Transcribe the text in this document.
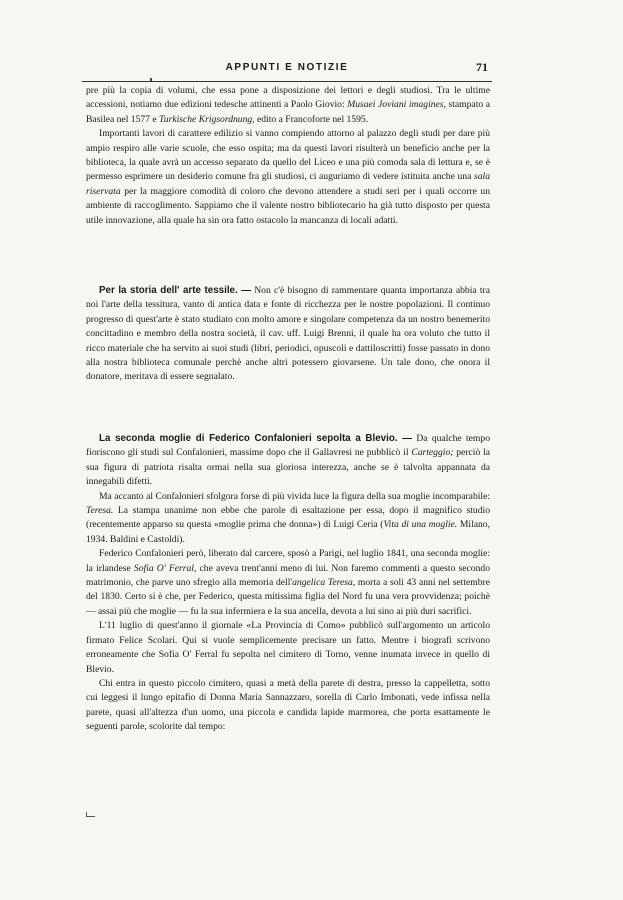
APPUNTI E NOTIZIE	71

pre più la copia di volumi, che essa pone a disposizione dei lettori e degli studiosi. Tra le ultime accessioni, notiamo due edizioni tedesche attinenti a Paolo Giovio: Musaei Joviani imagines, stampato a Basilea nel 1577 e Turkische Krigsordnung, edito a Francoforte nel 1595.

Importanti lavori di carattere edilizio si vanno compiendo attorno al palazzo degli studi per dare più ampio respiro alle varie scuole, che esso ospita; ma da questi lavori risulterà un beneficio anche per la biblioteca, la quale avrà un accesso separato da quello del Liceo e una più comoda sala di lettura e, se è permesso esprimere un desiderio comune fra gli studiosi, ci auguriamo di vedere istituita anche una sala riservata per la maggiore comodità di coloro che devono attendere a studi seri per i quali occorre un ambiente di raccoglimento. Sappiamo che il valente nostro bibliotecario ha già tutto disposto per questa utile innovazione, alla quale ha sin ora fatto ostacolo la mancanza di locali adatti.

Per la storia dell' arte tessile. — Non c'è bisogno di rammentare quanta importanza abbia tra noi l'arte della tessitura, vanto di antica data e fonte di ricchezza per le nostre popolazioni. Il continuo progresso di quest'arte è stato studiato con molto amore e singolare competenza da un nostro benemerito concittadino e membro della nostra società, il cav. uff. Luigi Brenni, il quale ha ora voluto che tutto il ricco materiale che ha servito ai suoi studi (libri, periodici, opuscoli e dattiloscritti) fosse passato in dono alla nostra biblioteca comunale perchè anche altri potessero giovarsene. Un tale dono, che onora il donatore, meritava di essere segnalato.

La seconda moglie di Federico Confalonieri sepolta a Blevio. — Da qualche tempo fioriscono gli studi sul Confalonieri, massime dopo che il Gallavresi ne pubblicò il Carteggio; perciò la sua figura di patriota risalta ormai nella sua gloriosa interezza, anche se è talvolta appannata da innegabili difetti.

Ma accanto al Confalonieri sfolgora forse di più vivida luce la figura della sua moglie incomparabile: Teresa. La stampa unanime non ebbe che parole di esaltazione per essa, dopo il magnifico studio (recentemente apparso su questa «moglie prima che donna») di Luigi Ceria (Vita di una moglie. Milano, 1934. Baldini e Castoldi).

Federico Confalonieri però, liberato dal carcere, sposò a Parigi, nel luglio 1841, una seconda moglie: la irlandese Sofia O' Ferral, che aveva trent'anni meno di lui. Non faremo commenti a questo secondo matrimonio, che parve uno sfregio alla memoria dell'angelica Teresa, morta a soli 43 anni nel settembre del 1830. Certo si è che, per Federico, questa mitissima figlia del Nord fu una vera provvidenza; poichè — assai più che moglie — fu la sua infermiera e la sua ancella, devota a lui sino ai più duri sacrifici.

L'11 luglio di quest'anno il giornale «La Provincia di Como» pubblicò sull'argomento un articolo firmato Felice Scolari. Qui si vuole semplicemente precisare un fatto. Mentre i biografi scrivono erroneamente che Sofia O' Ferral fu sepolta nel cimitero di Torno, venne inumata invece in quello di Blevio.

Chi entra in questo piccolo cimitero, quasi a metà della parete di destra, presso la cappelletta, sotto cui leggesi il lungo epitafio di Donna Maria Sannazzaro, sorella di Carlo Imbonati, vede infissa nella parete, quasi all'altezza d'un uomo, una piccola e candida lapide marmorea, che porta esattamente le seguenti parole, scolorite dal tempo:
